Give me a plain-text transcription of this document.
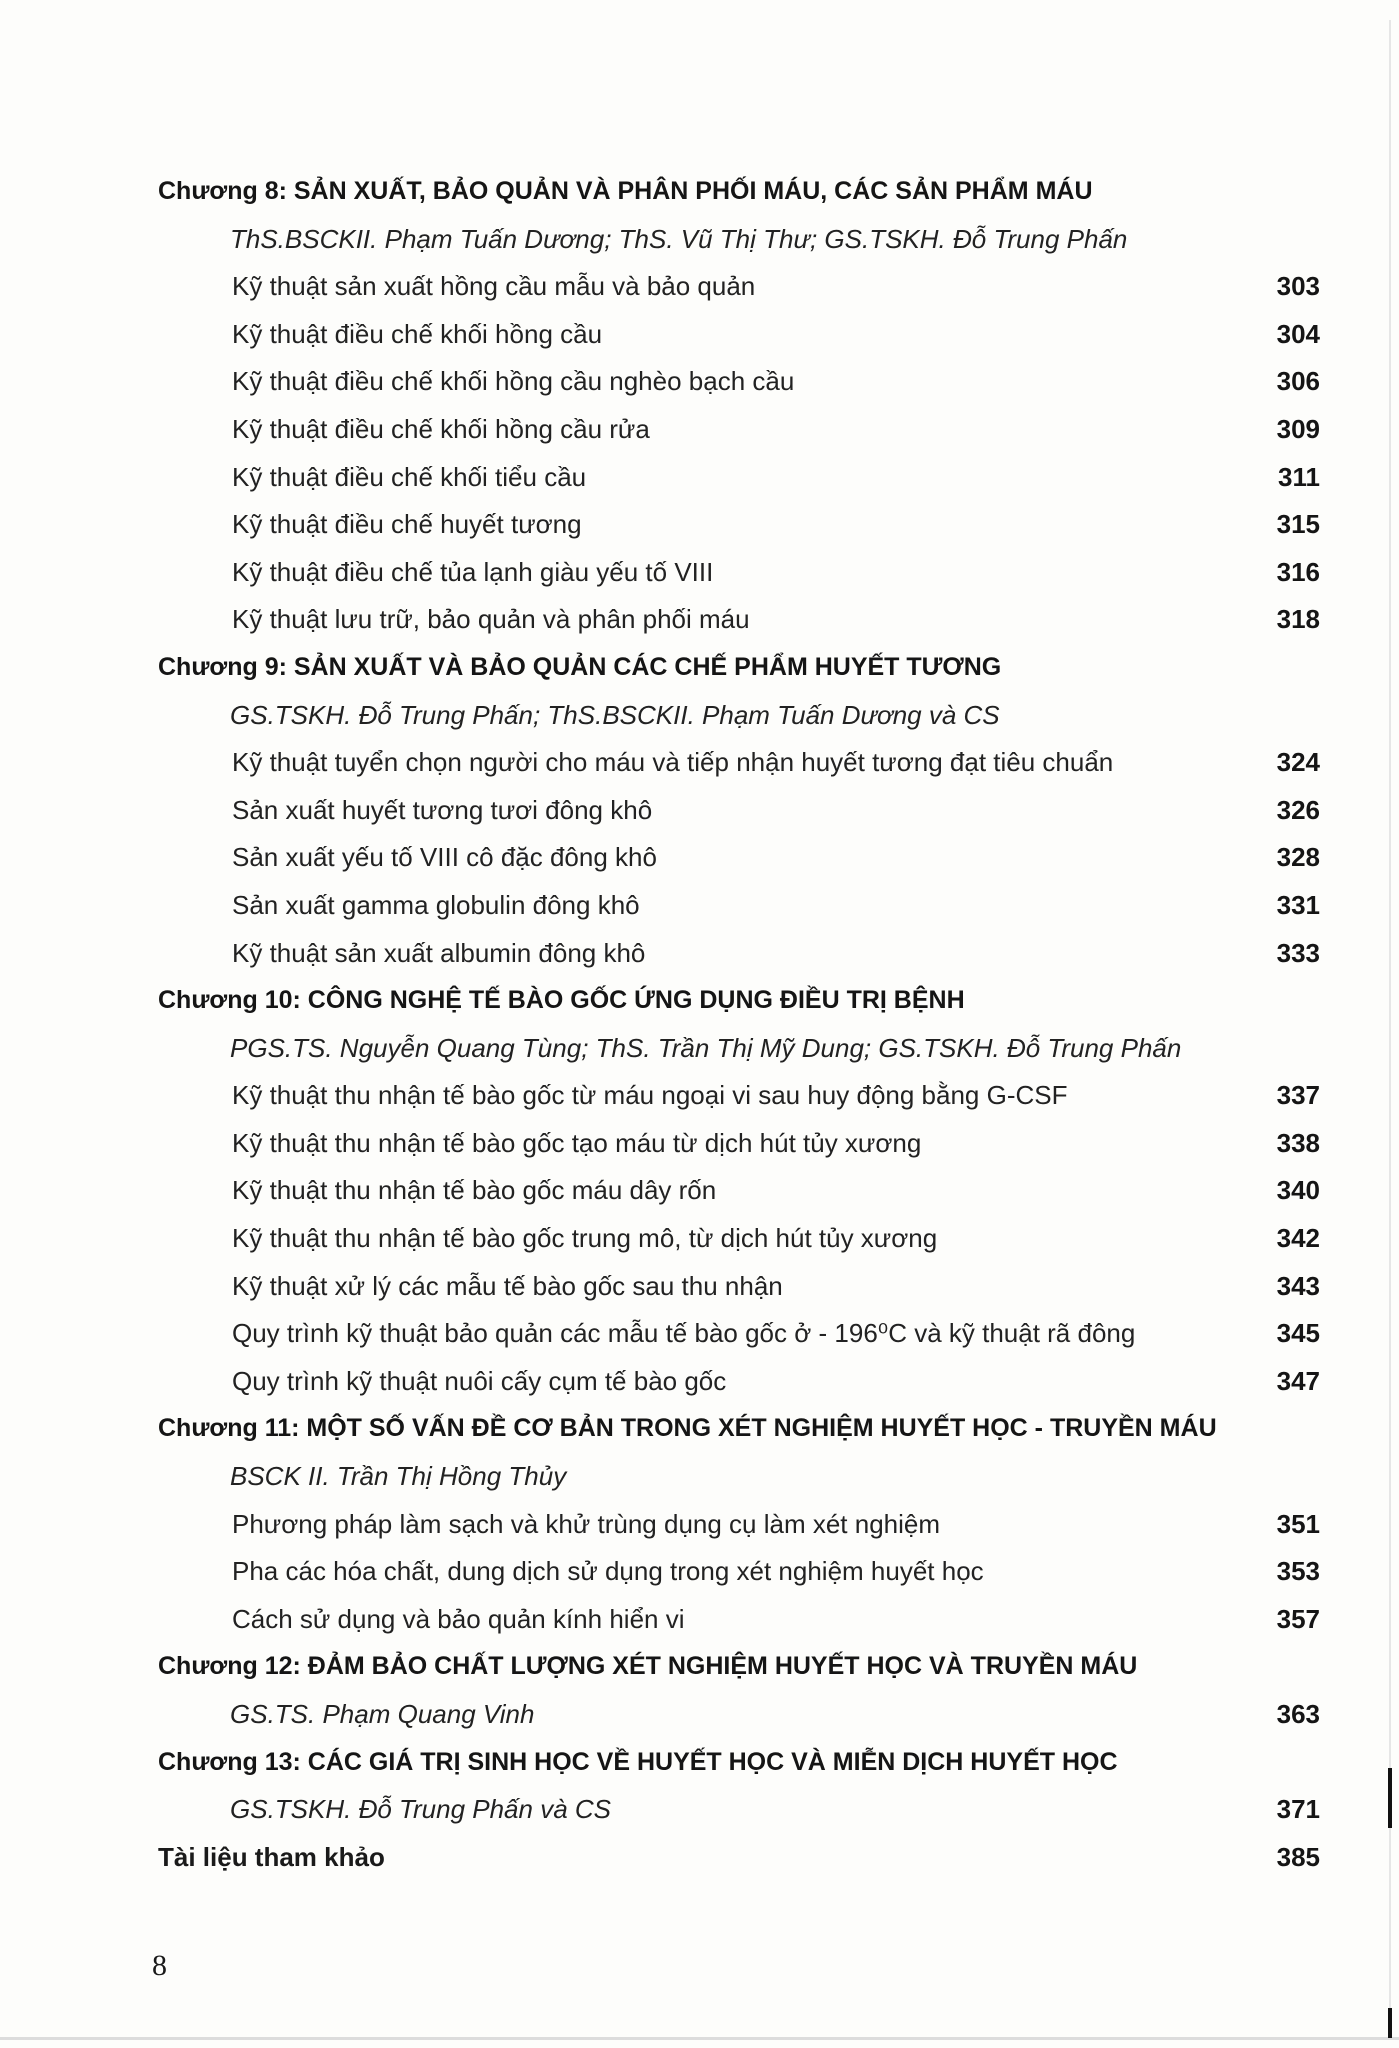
Chương 8: SẢN XUẤT, BẢO QUẢN VÀ PHÂN PHỐI MÁU, CÁC SẢN PHẨM MÁU
ThS.BSCKII. Phạm Tuấn Dương; ThS. Vũ Thị Thư; GS.TSKH. Đỗ Trung Phấn
Kỹ thuật sản xuất hồng cầu mẫu và bảo quản	303
Kỹ thuật điều chế khối hồng cầu	304
Kỹ thuật điều chế khối hồng cầu nghèo bạch cầu	306
Kỹ thuật điều chế khối hồng cầu rửa	309
Kỹ thuật điều chế khối tiểu cầu	311
Kỹ thuật điều chế huyết tương	315
Kỹ thuật điều chế tủa lạnh giàu yếu tố VIII	316
Kỹ thuật lưu trữ, bảo quản và phân phối máu	318
Chương 9: SẢN XUẤT VÀ BẢO QUẢN CÁC CHẾ PHẨM HUYẾT TƯƠNG
GS.TSKH. Đỗ Trung Phấn; ThS.BSCKII. Phạm Tuấn Dương và CS
Kỹ thuật tuyển chọn người cho máu và tiếp nhận huyết tương đạt tiêu chuẩn	324
Sản xuất huyết tương tươi đông khô	326
Sản xuất yếu tố VIII cô đặc đông khô	328
Sản xuất gamma globulin đông khô	331
Kỹ thuật sản xuất albumin đông khô	333
Chương 10: CÔNG NGHỆ TẾ BÀO GỐC ỨNG DỤNG ĐIỀU TRỊ BỆNH
PGS.TS. Nguyễn Quang Tùng; ThS. Trần Thị Mỹ Dung; GS.TSKH. Đỗ Trung Phấn
Kỹ thuật thu nhận tế bào gốc từ máu ngoại vi sau huy động bằng G-CSF	337
Kỹ thuật thu nhận tế bào gốc tạo máu từ dịch hút tủy xương	338
Kỹ thuật thu nhận tế bào gốc máu dây rốn	340
Kỹ thuật thu nhận tế bào gốc trung mô, từ dịch hút tủy xương	342
Kỹ thuật xử lý các mẫu tế bào gốc sau thu nhận	343
Quy trình kỹ thuật bảo quản các mẫu tế bào gốc ở - 196⁰C và kỹ thuật rã đông	345
Quy trình kỹ thuật nuôi cấy cụm tế bào gốc	347
Chương 11: MỘT SỐ VẤN ĐỀ CƠ BẢN TRONG XÉT NGHIỆM HUYẾT HỌC - TRUYỀN MÁU
BSCK II. Trần Thị Hồng Thủy
Phương pháp làm sạch và khử trùng dụng cụ làm xét nghiệm	351
Pha các hóa chất, dung dịch sử dụng trong xét nghiệm huyết học	353
Cách sử dụng và bảo quản kính hiển vi	357
Chương 12: ĐẢM BẢO CHẤT LƯỢNG XÉT NGHIỆM HUYẾT HỌC VÀ TRUYỀN MÁU
GS.TS. Phạm Quang Vinh	363
Chương 13: CÁC GIÁ TRỊ SINH HỌC VỀ HUYẾT HỌC VÀ MIỄN DỊCH HUYẾT HỌC
GS.TSKH. Đỗ Trung Phấn và CS	371
Tài liệu tham khảo	385
8
